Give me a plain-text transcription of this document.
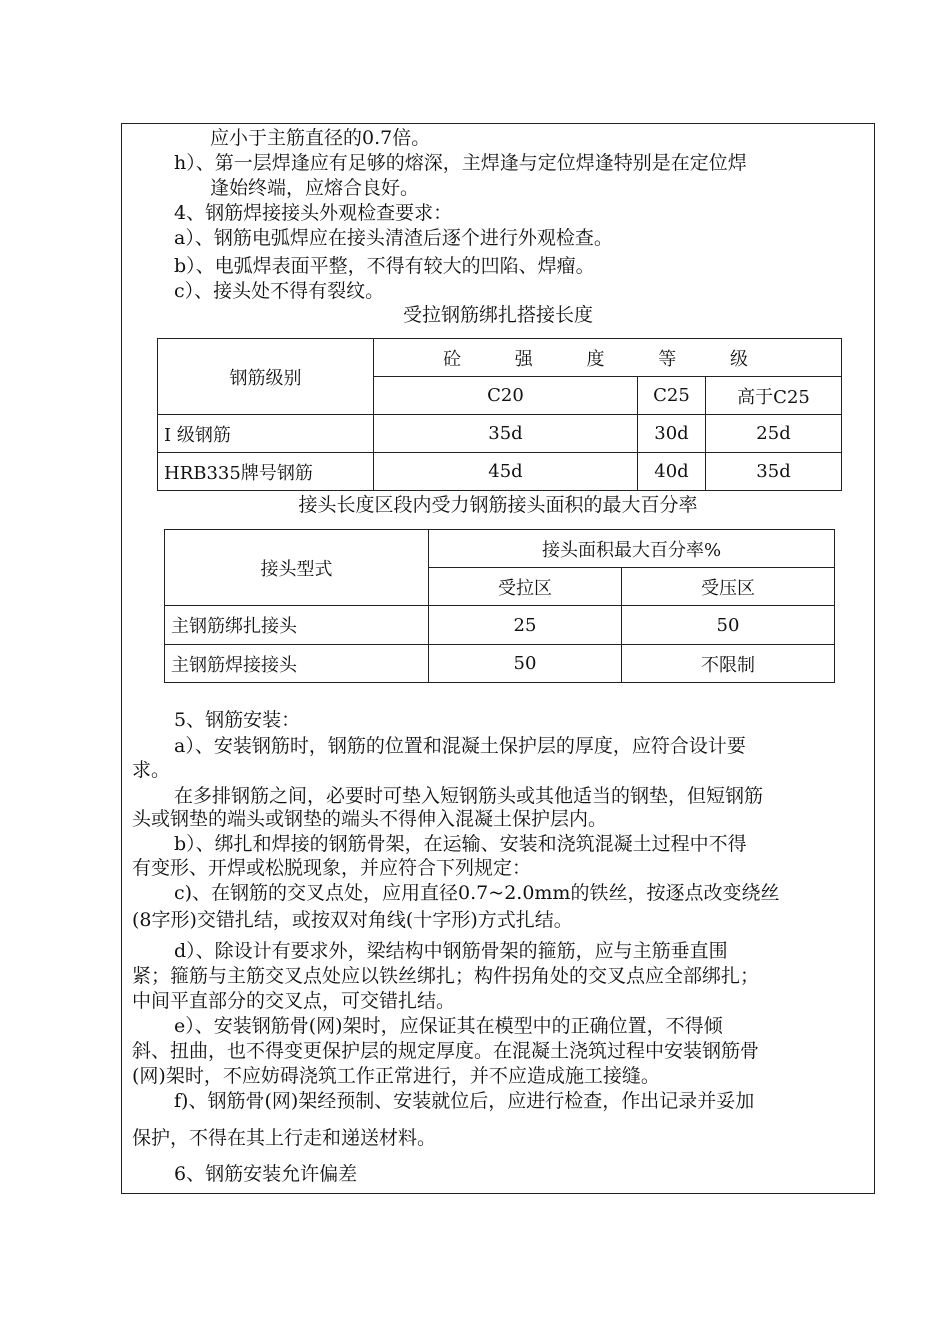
应小于主筋直径的0.7倍。
h）、第一层焊逢应有足够的熔深，主焊逢与定位焊逢特别是在定位焊
逢始终端，应熔合良好。
4、钢筋焊接接头外观检查要求：
a）、钢筋电弧焊应在接头清渣后逐个进行外观检查。
b）、电弧焊表面平整，不得有较大的凹陷、焊瘤。
c）、接头处不得有裂纹。
受拉钢筋绑扎搭接长度
钢筋级别	砼 强 度 等 级		
	C20	C25	高于C25
Ⅰ 级钢筋	35d	30d	25d
HRB335牌号钢筋	45d	40d	35d
接头长度区段内受力钢筋接头面积的最大百分率
接头型式	接头面积最大百分率%	
	受拉区	受压区
主钢筋绑扎接头	25	50
主钢筋焊接接头	50	不限制
5、钢筋安装：
a）、安装钢筋时，钢筋的位置和混凝土保护层的厚度，应符合设计要
求。
在多排钢筋之间，必要时可垫入短钢筋头或其他适当的钢垫，但短钢筋
头或钢垫的端头或钢垫的端头不得伸入混凝土保护层内。
b）、绑扎和焊接的钢筋骨架，在运输、安装和浇筑混凝土过程中不得
有变形、开焊或松脱现象，并应符合下列规定：
c)、在钢筋的交叉点处，应用直径0.7~2.0mm的铁丝，按逐点改变绕丝
(8字形)交错扎结，或按双对角线(十字形)方式扎结。
d）、除设计有要求外，梁结构中钢筋骨架的箍筋，应与主筋垂直围
紧；箍筋与主筋交叉点处应以铁丝绑扎；构件拐角处的交叉点应全部绑扎；
中间平直部分的交叉点，可交错扎结。
e）、安装钢筋骨(网)架时，应保证其在模型中的正确位置，不得倾
斜、扭曲，也不得变更保护层的规定厚度。在混凝土浇筑过程中安装钢筋骨
(网)架时，不应妨碍浇筑工作正常进行，并不应造成施工接缝。
f)、钢筋骨(网)架经预制、安装就位后，应进行检查，作出记录并妥加
保护，不得在其上行走和递送材料。
6、钢筋安装允许偏差
